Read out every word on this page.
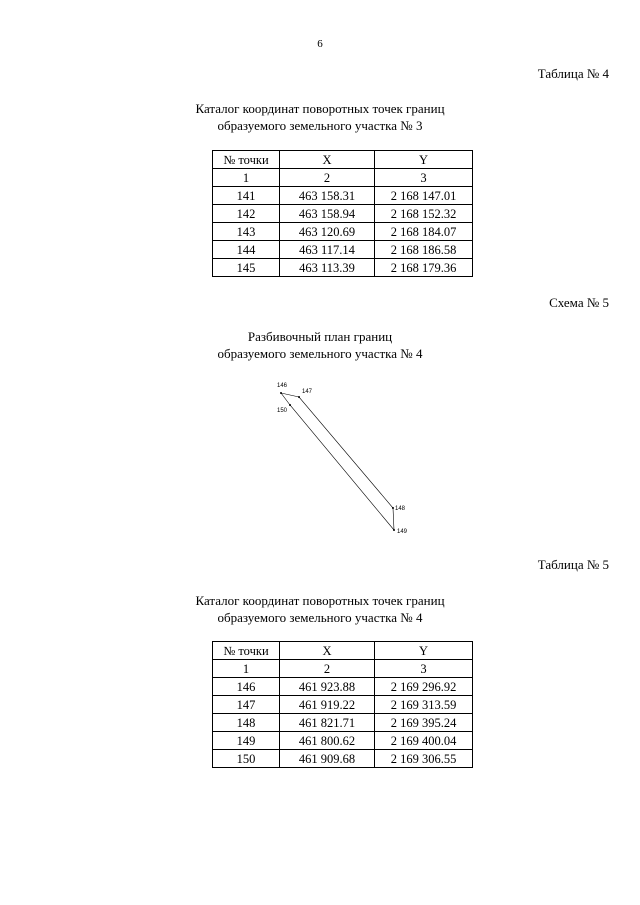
6
Таблица № 4
Каталог координат поворотных точек границ
образуемого земельного участка № 3
№ точки	X	Y
1	2	3
141	463 158.31	2 168 147.01
142	463 158.94	2 168 152.32
143	463 120.69	2 168 184.07
144	463 117.14	2 168 186.58
145	463 113.39	2 168 179.36
Схема № 5
Разбивочный план границ
образуемого земельного участка № 4
146
147
148
149
150
Таблица № 5
Каталог координат поворотных точек границ
образуемого земельного участка № 4
№ точки	X	Y
1	2	3
146	461 923.88	2 169 296.92
147	461 919.22	2 169 313.59
148	461 821.71	2 169 395.24
149	461 800.62	2 169 400.04
150	461 909.68	2 169 306.55
